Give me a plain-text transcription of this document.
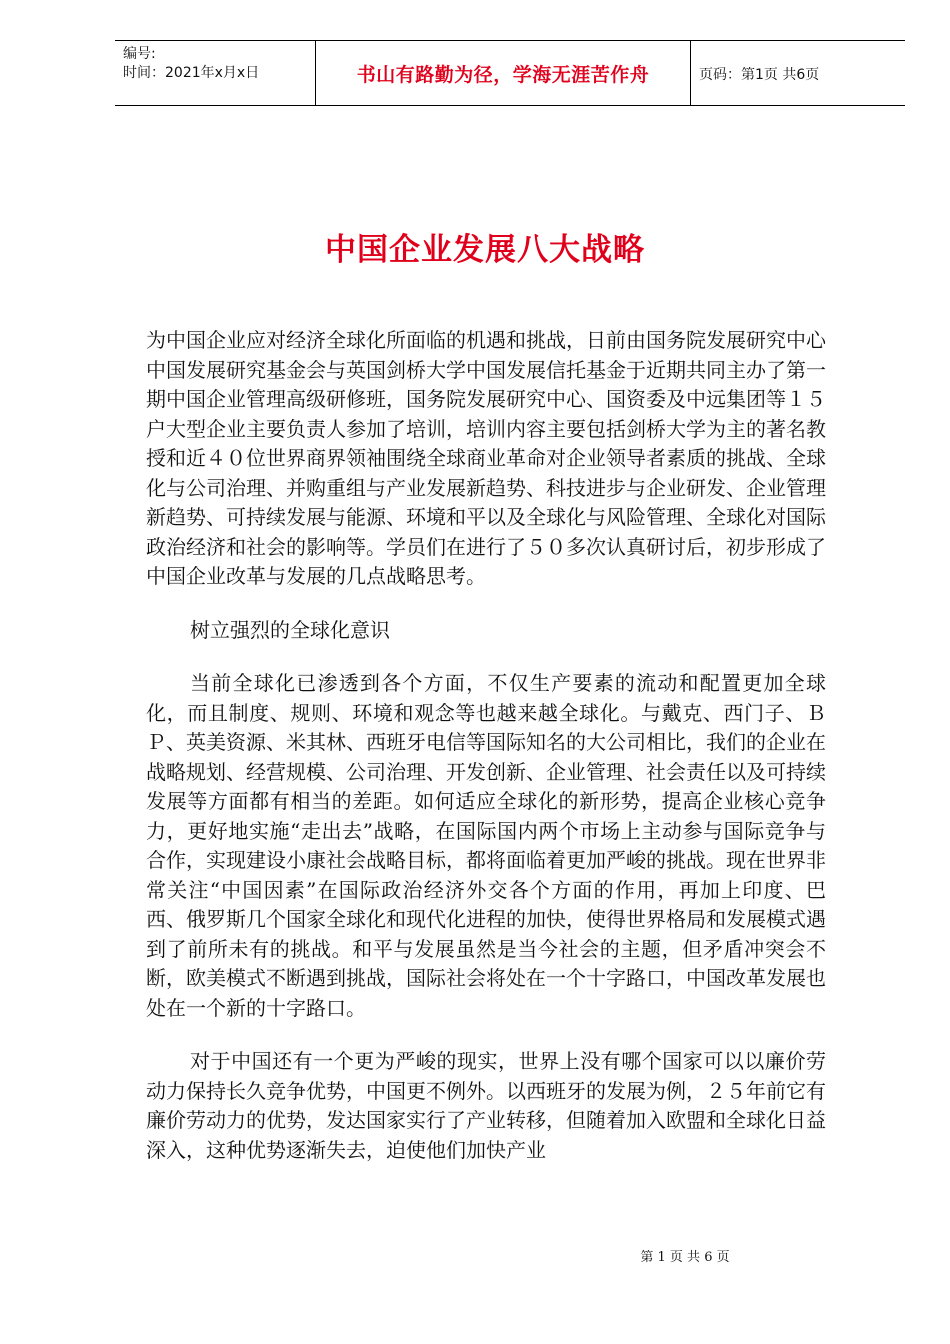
编号:
时间：2021年x月x日	书山有路勤为径，学海无涯苦作舟	页码：第1页 共6页
中国企业发展八大战略

为中国企业应对经济全球化所面临的机遇和挑战，日前由国务院发展研究中心中国发展研究基金会与英国剑桥大学中国发展信托基金于近期共同主办了第一期中国企业管理高级研修班，国务院发展研究中心、国资委及中远集团等１５户大型企业主要负责人参加了培训，培训内容主要包括剑桥大学为主的著名教授和近４０位世界商界领袖围绕全球商业革命对企业领导者素质的挑战、全球化与公司治理、并购重组与产业发展新趋势、科技进步与企业研发、企业管理新趋势、可持续发展与能源、环境和平以及全球化与风险管理、全球化对国际政治经济和社会的影响等。学员们在进行了５０多次认真研讨后，初步形成了中国企业改革与发展的几点战略思考。

树立强烈的全球化意识

当前全球化已渗透到各个方面，不仅生产要素的流动和配置更加全球化，而且制度、规则、环境和观念等也越来越全球化。与戴克、西门子、ＢＰ、英美资源、米其林、西班牙电信等国际知名的大公司相比，我们的企业在战略规划、经营规模、公司治理、开发创新、企业管理、社会责任以及可持续发展等方面都有相当的差距。如何适应全球化的新形势，提高企业核心竞争力，更好地实施“走出去”战略，在国际国内两个市场上主动参与国际竞争与合作，实现建设小康社会战略目标，都将面临着更加严峻的挑战。现在世界非常关注“中国因素”在国际政治经济外交各个方面的作用，再加上印度、巴西、俄罗斯几个国家全球化和现代化进程的加快，使得世界格局和发展模式遇到了前所未有的挑战。和平与发展虽然是当今社会的主题，但矛盾冲突会不断，欧美模式不断遇到挑战，国际社会将处在一个十字路口，中国改革发展也处在一个新的十字路口。

对于中国还有一个更为严峻的现实，世界上没有哪个国家可以以廉价劳动力保持长久竞争优势，中国更不例外。以西班牙的发展为例，２５年前它有廉价劳动力的优势，发达国家实行了产业转移，但随着加入欧盟和全球化日益深入，这种优势逐渐失去，迫使他们加快产业

第 1 页 共 6 页
